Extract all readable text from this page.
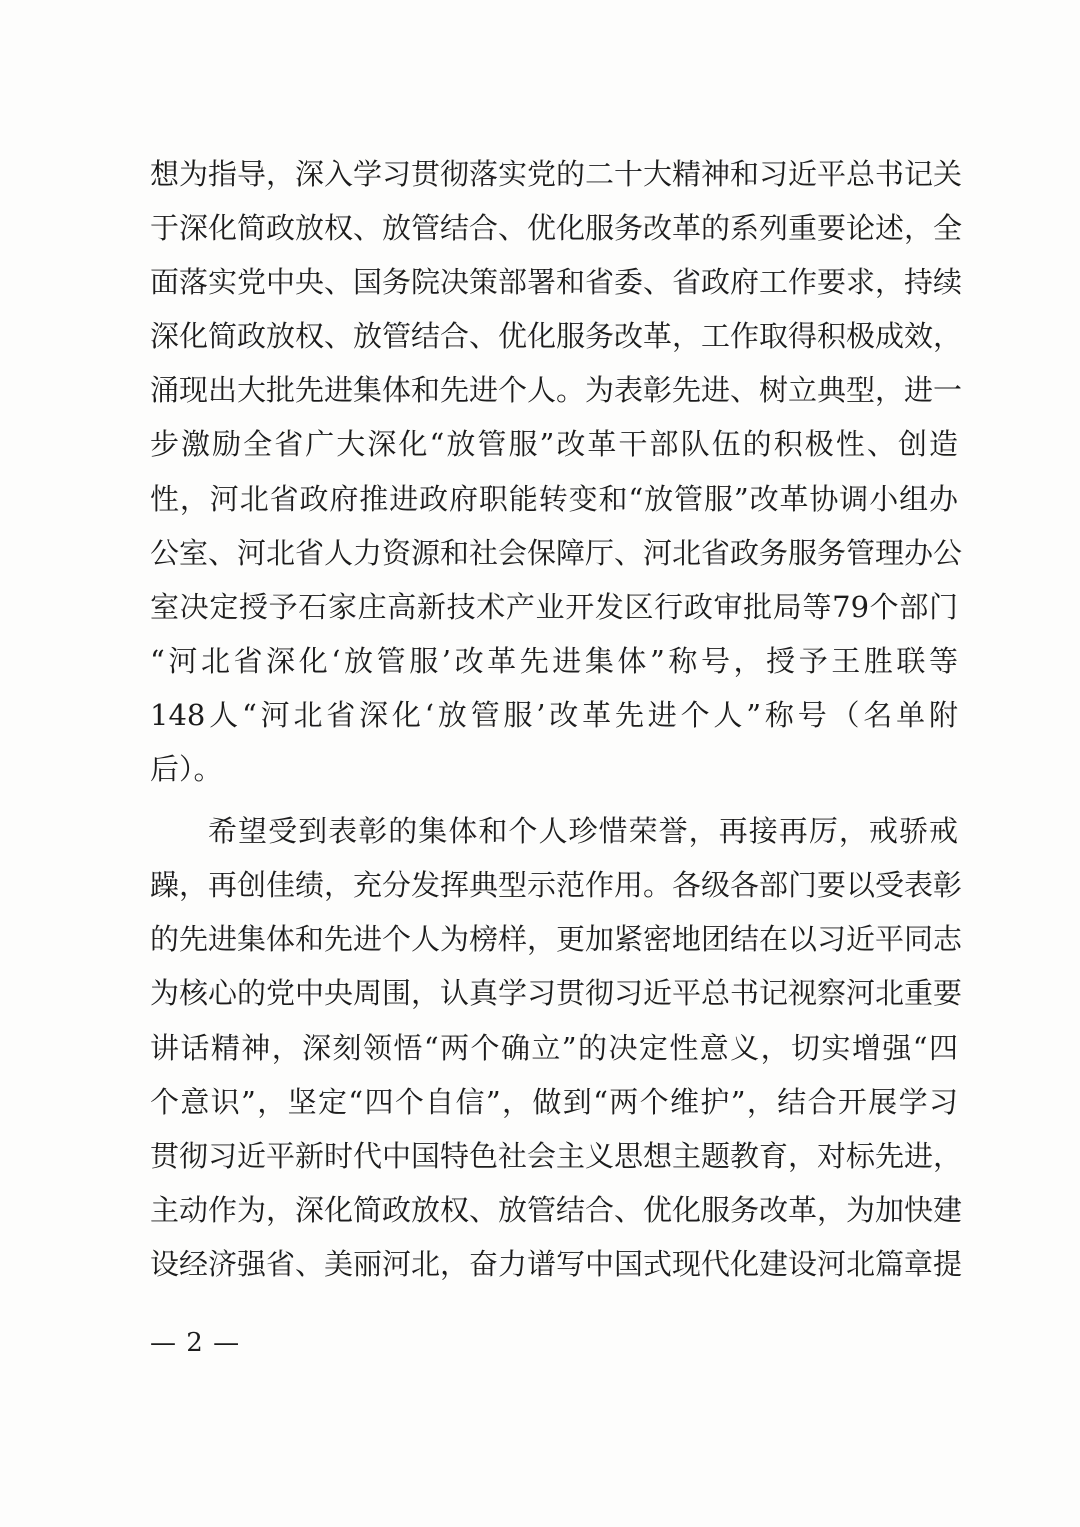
想为指导，深入学习贯彻落实党的二十大精神和习近平总书记关
于深化简政放权、放管结合、优化服务改革的系列重要论述，全
面落实党中央、国务院决策部署和省委、省政府工作要求，持续
深化简政放权、放管结合、优化服务改革，工作取得积极成效，
涌现出大批先进集体和先进个人。为表彰先进、树立典型，进一
步激励全省广大深化“放管服”改革干部队伍的积极性、创造
性，河北省政府推进政府职能转变和“放管服”改革协调小组办
公室、河北省人力资源和社会保障厅、河北省政务服务管理办公
室决定授予石家庄高新技术产业开发区行政审批局等79个部门
“河北省深化‘放管服’改革先进集体”称号，授予王胜联等
148人“河北省深化‘放管服’改革先进个人”称号（名单附
后）。
希望受到表彰的集体和个人珍惜荣誉，再接再厉，戒骄戒
躁，再创佳绩，充分发挥典型示范作用。各级各部门要以受表彰
的先进集体和先进个人为榜样，更加紧密地团结在以习近平同志
为核心的党中央周围，认真学习贯彻习近平总书记视察河北重要
讲话精神，深刻领悟“两个确立”的决定性意义，切实增强“四
个意识”，坚定“四个自信”，做到“两个维护”，结合开展学习
贯彻习近平新时代中国特色社会主义思想主题教育，对标先进，
主动作为，深化简政放权、放管结合、优化服务改革，为加快建
设经济强省、美丽河北，奋力谱写中国式现代化建设河北篇章提
— 2 —
